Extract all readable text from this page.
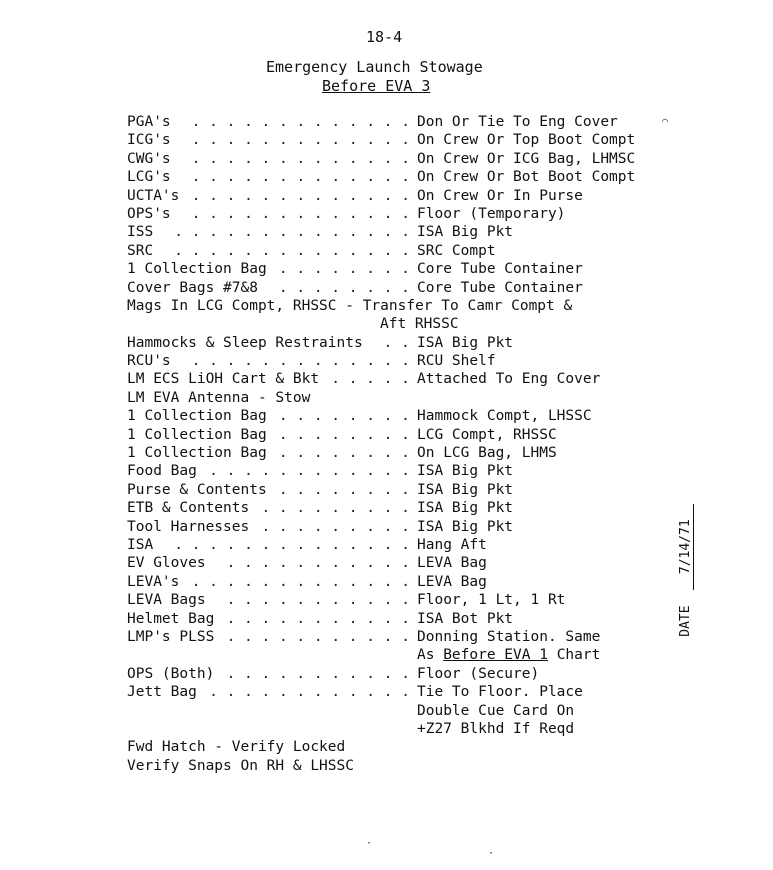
18-4
Emergency Launch Stowage
Before EVA 3
PGA's . . . . . . . . . . . . . Don Or Tie To Eng Cover
ICG's . . . . . . . . . . . . . On Crew Or Top Boot Compt
CWG's . . . . . . . . . . . . . On Crew Or ICG Bag, LHMSC
LCG's . . . . . . . . . . . . . On Crew Or Bot Boot Compt
UCTA's . . . . . . . . . . . . . On Crew Or In Purse
OPS's . . . . . . . . . . . . . Floor (Temporary)
ISS . . . . . . . . . . . . . . ISA Big Pkt
SRC . . . . . . . . . . . . . . SRC Compt
1 Collection Bag . . . . . . . . Core Tube Container
Cover Bags #7&8 . . . . . . . . Core Tube Container
Mags In LCG Compt, RHSSC - Transfer To Camr Compt &
Aft RHSSC
Hammocks & Sleep Restraints . . ISA Big Pkt
RCU's . . . . . . . . . . . . . RCU Shelf
LM ECS LiOH Cart & Bkt . . . . . Attached To Eng Cover
LM EVA Antenna - Stow
1 Collection Bag . . . . . . . . Hammock Compt, LHSSC
1 Collection Bag . . . . . . . . LCG Compt, RHSSC
1 Collection Bag . . . . . . . . On LCG Bag, LHMS
Food Bag . . . . . . . . . . . . ISA Big Pkt
Purse & Contents . . . . . . . . ISA Big Pkt
ETB & Contents . . . . . . . . . ISA Big Pkt
Tool Harnesses . . . . . . . . . ISA Big Pkt
ISA . . . . . . . . . . . . . . Hang Aft
EV Gloves . . . . . . . . . . . LEVA Bag
LEVA's . . . . . . . . . . . . . LEVA Bag
LEVA Bags . . . . . . . . . . . Floor, 1 Lt, 1 Rt
Helmet Bag . . . . . . . . . . . ISA Bot Pkt
LMP's PLSS . . . . . . . . . . . Donning Station. Same
As Before EVA 1 Chart
OPS (Both) . . . . . . . . . . . Floor (Secure)
Jett Bag . . . . . . . . . . . . Tie To Floor. Place
Double Cue Card On
+Z27 Blkhd If Reqd
Fwd Hatch - Verify Locked
Verify Snaps On RH & LHSSC

DATE  7/14/71

⌒
·
·
